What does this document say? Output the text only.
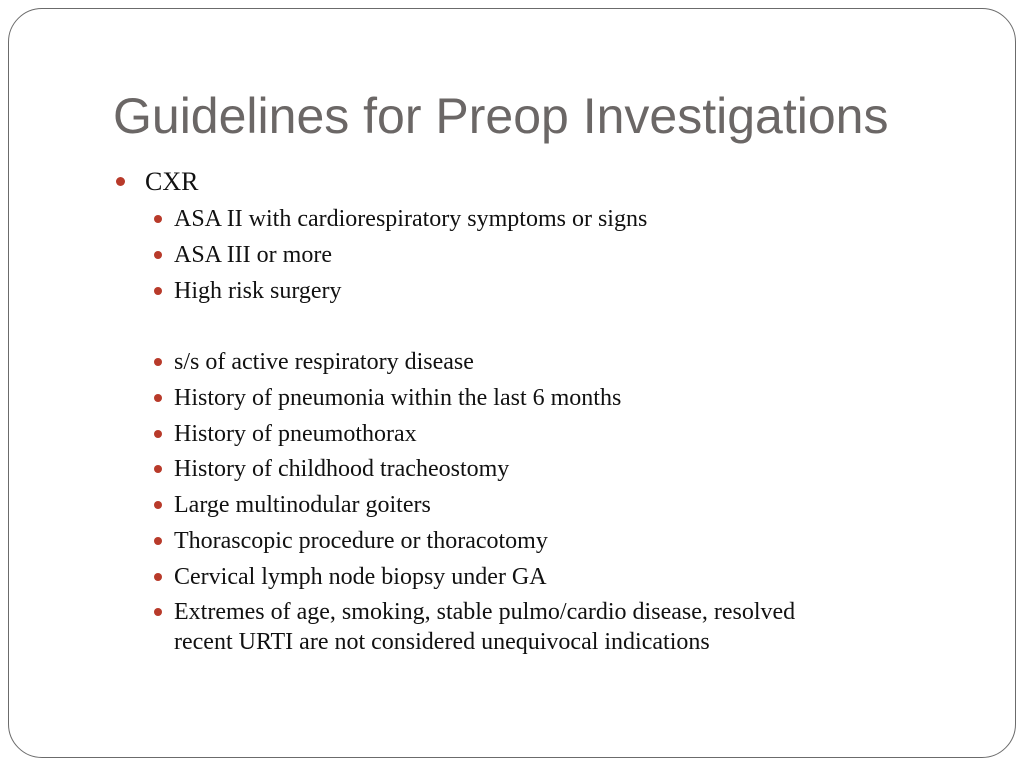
Guidelines for Preop Investigations
CXR
ASA II with cardiorespiratory symptoms or signs
ASA III or more
High risk surgery
s/s of active respiratory disease
History of pneumonia within the last 6 months
History of pneumothorax
History of childhood tracheostomy
Large multinodular goiters
Thorascopic procedure or thoracotomy
Cervical lymph node biopsy under GA
Extremes of age, smoking, stable pulmo/cardio disease, resolved
recent URTI are not considered unequivocal indications
